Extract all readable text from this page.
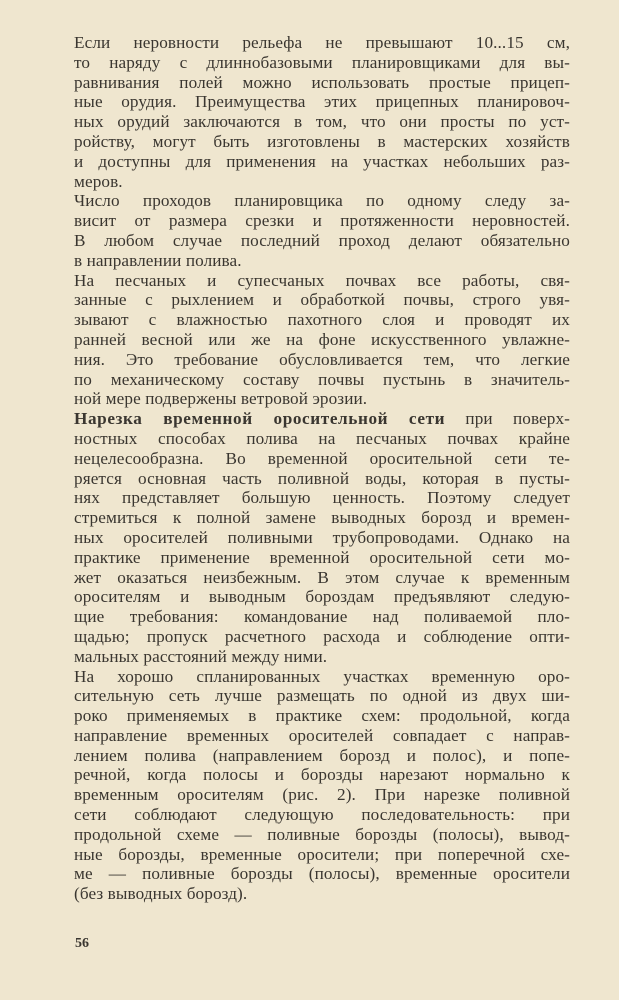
Если неровности рельефа не превышают 10...15 см,
то наряду с длиннобазовыми планировщиками для вы-
равнивания полей можно использовать простые прицеп-
ные орудия. Преимущества этих прицепных планировоч-
ных орудий заключаются в том, что они просты по уст-
ройству, могут быть изготовлены в мастерских хозяйств
и доступны для применения на участках небольших раз-
меров.
Число проходов планировщика по одному следу за-
висит от размера срезки и протяженности неровностей.
В любом случае последний проход делают обязательно
в направлении полива.
На песчаных и супесчаных почвах все работы, свя-
занные с рыхлением и обработкой почвы, строго увя-
зывают с влажностью пахотного слоя и проводят их
ранней весной или же на фоне искусственного увлажне-
ния. Это требование обусловливается тем, что легкие
по механическому составу почвы пустынь в значитель-
ной мере подвержены ветровой эрозии.
Нарезка временной оросительной сети при поверх-
ностных способах полива на песчаных почвах крайне
нецелесообразна. Во временной оросительной сети те-
ряется основная часть поливной воды, которая в пусты-
нях представляет большую ценность. Поэтому следует
стремиться к полной замене выводных борозд и времен-
ных оросителей поливными трубопроводами. Однако на
практике применение временной оросительной сети мо-
жет оказаться неизбежным. В этом случае к временным
оросителям и выводным бороздам предъявляют следую-
щие требования: командование над поливаемой пло-
щадью; пропуск расчетного расхода и соблюдение опти-
мальных расстояний между ними.
На хорошо спланированных участках временную оро-
сительную сеть лучше размещать по одной из двух ши-
роко применяемых в практике схем: продольной, когда
направление временных оросителей совпадает с направ-
лением полива (направлением борозд и полос), и попе-
речной, когда полосы и борозды нарезают нормально к
временным оросителям (рис. 2). При нарезке поливной
сети соблюдают следующую последовательность: при
продольной схеме — поливные борозды (полосы), вывод-
ные борозды, временные оросители; при поперечной схе-
ме — поливные борозды (полосы), временные оросители
(без выводных борозд).
56
